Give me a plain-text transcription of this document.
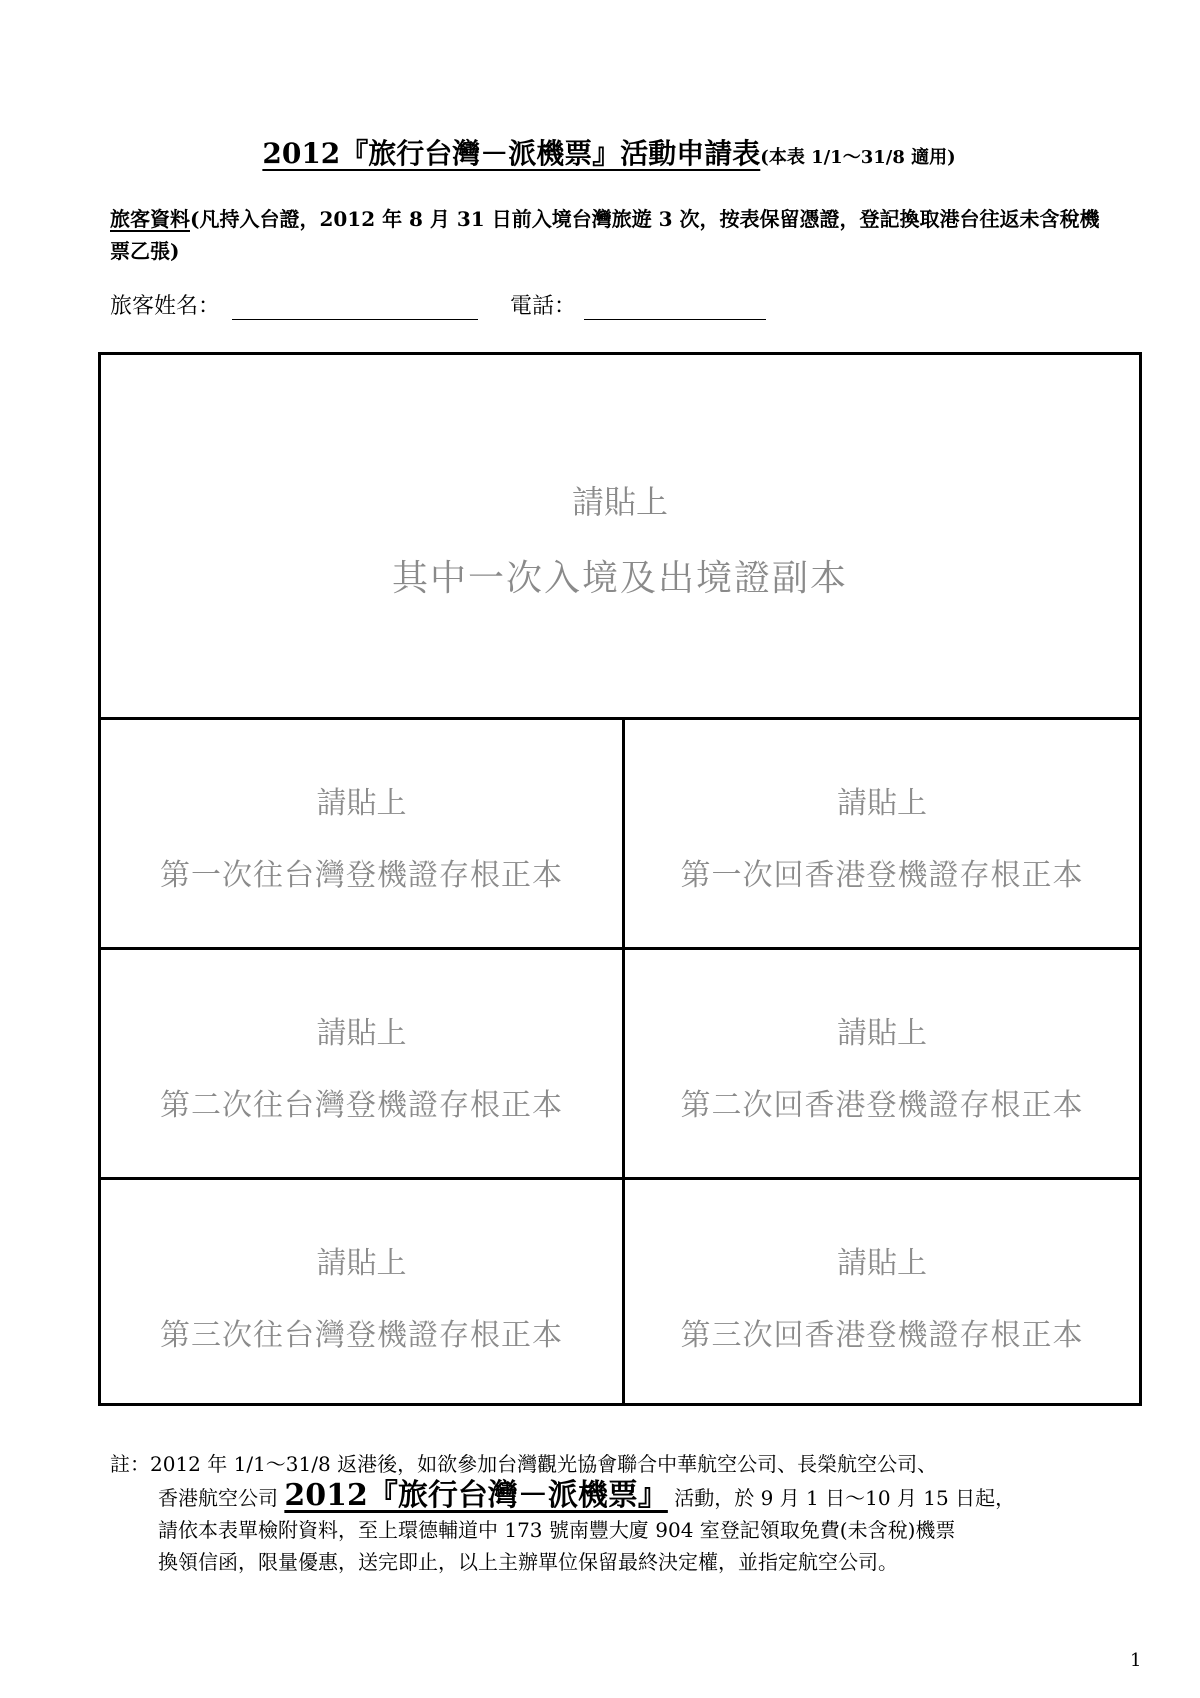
2012『旅行台灣－派機票』活動申請表(本表 1/1～31/8 適用)
旅客資料(凡持入台證，2012 年 8 月 31 日前入境台灣旅遊 3 次，按表保留憑證，登記換取港台往返未含稅機票乙張)
旅客姓名：	電話：
請貼上
其中一次入境及出境證副本
請貼上
第一次往台灣登機證存根正本
請貼上
第一次回香港登機證存根正本
請貼上
第二次往台灣登機證存根正本
請貼上
第二次回香港登機證存根正本
請貼上
第三次往台灣登機證存根正本
請貼上
第三次回香港登機證存根正本
註：2012 年 1/1～31/8 返港後，如欲參加台灣觀光協會聯合中華航空公司、長榮航空公司、
香港航空公司 2012『旅行台灣－派機票』 活動，於 9 月 1 日～10 月 15 日起，
請依本表單檢附資料，至上環德輔道中 173 號南豐大廈 904 室登記領取免費(未含稅)機票
換領信函，限量優惠，送完即止，以上主辦單位保留最終決定權，並指定航空公司。
1
